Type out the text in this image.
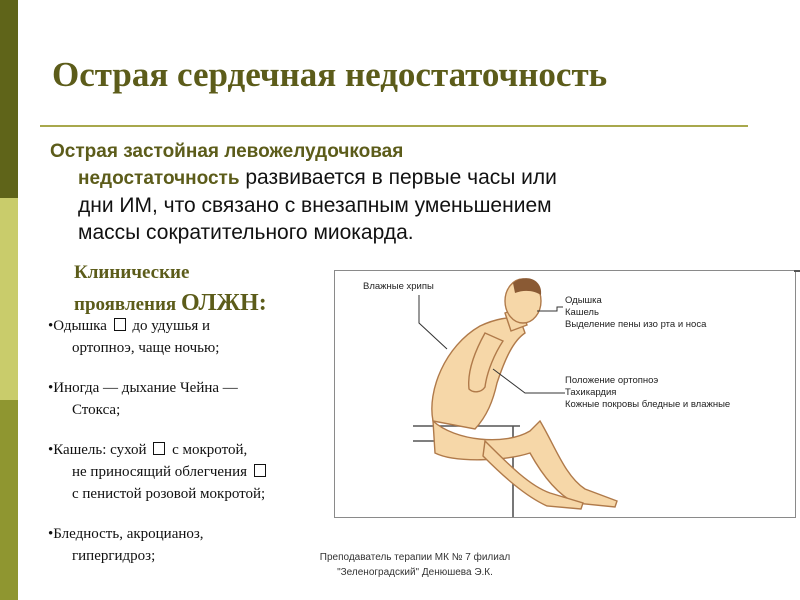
Острая сердечная недостаточность
Острая застойная левожелудочковая
недостаточность развивается в первые часы или
дни ИМ, что связано с внезапным уменьшением
массы сократительного миокарда.
Клинические
проявления ОЛЖН:
•Одышка  до удушья и
ортопноэ, чаще ночью;
•Иногда — дыхание Чейна —
Стокса;
•Кашель: сухой  с мокротой,
не приносящий облегчения
с пенистой розовой мокротой;
•Бледность, акроцианоз,
гипергидроз;
Влажные хрипы
Одышка
Кашель
Выделение пены изо рта и носа
Положение ортопноэ
Тахикардия
Кожные покровы бледные и влажные
Преподаватель терапии МК № 7 филиал
"Зеленоградский" Денюшева Э.К.
